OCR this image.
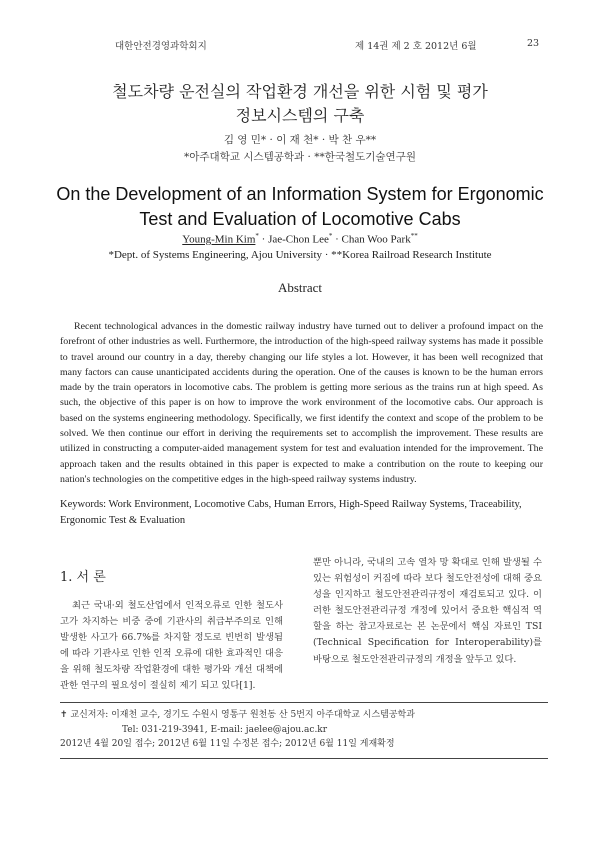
대한안전경영과학회지	제 14권 제 2 호 2012년 6월	23
철도차량 운전실의 작업환경 개선을 위한 시험 및 평가
정보시스템의 구축
김 영 민* · 이 재 천* · 박 찬 우**
*아주대학교 시스템공학과 · **한국철도기술연구원
On the Development of an Information System for Ergonomic
Test and Evaluation of Locomotive Cabs
Young-Min Kim* · Jae-Chon Lee* · Chan Woo Park**
*Dept. of Systems Engineering, Ajou University · **Korea Railroad Research Institute
Abstract
Recent technological advances in the domestic railway industry have turned out to deliver a profound impact on the forefront of other industries as well. Furthermore, the introduction of the high-speed railway systems has made it possible to travel around our country in a day, thereby changing our life styles a lot. However, it has been well recognized that many factors can cause unanticipated accidents during the operation. One of the causes is known to be the human errors made by the train operators in locomotive cabs. The problem is getting more serious as the trains run at high speed. As such, the objective of this paper is on how to improve the work environment of the locomotive cabs. Our approach is based on the systems engineering methodology. Specifically, we first identify the context and scope of the problem to be solved. We then continue our effort in deriving the requirements set to accomplish the improvement. These results are utilized in constructing a computer-aided management system for test and evaluation intended for the improvement. The approach taken and the results obtained in this paper is expected to make a contribution on the route to keeping our nation's technologies on the competitive edges in the high-speed railway systems industry.
Keywords: Work Environment, Locomotive Cabs, Human Errors, High-Speed Railway Systems, Traceability, Ergonomic Test & Evaluation
1. 서 론
최근 국내·외 철도산업에서 인적오류로 인한 철도사고가 차지하는 비중 중에 기관사의 취급부주의로 인해 발생한 사고가 66.7%를 차지할 정도로 빈번히 발생됨에 따라 기관사로 인한 인적 오류에 대한 효과적인 대응을 위해 철도차량 작업환경에 대한 평가와 개선 대책에 관한 연구의 필요성이 절실히 제기 되고 있다[1].
뿐만 아니라, 국내의 고속 열차 망 확대로 인해 발생될 수 있는 위험성이 커짐에 따라 보다 철도안전성에 대해 중요성을 인지하고 철도안전관리규정이 재검토되고 있다. 이러한 철도안전관리규정 개정에 있어서 중요한 핵심적 역할을 하는 참고자료로는 본 논문에서 핵심 자료인 TSI (Technical Specification for Interoperability)를 바탕으로 철도안전관리규정의 개정을 앞두고 있다.
✝ 교신저자: 이재천 교수, 경기도 수원시 영통구 원천동 산 5번지 아주대학교 시스템공학과
Tel: 031-219-3941, E-mail: jaelee@ajou.ac.kr
2012년 4월 20일 접수; 2012년 6월 11일 수정본 접수; 2012년 6월 11일 게재확정
